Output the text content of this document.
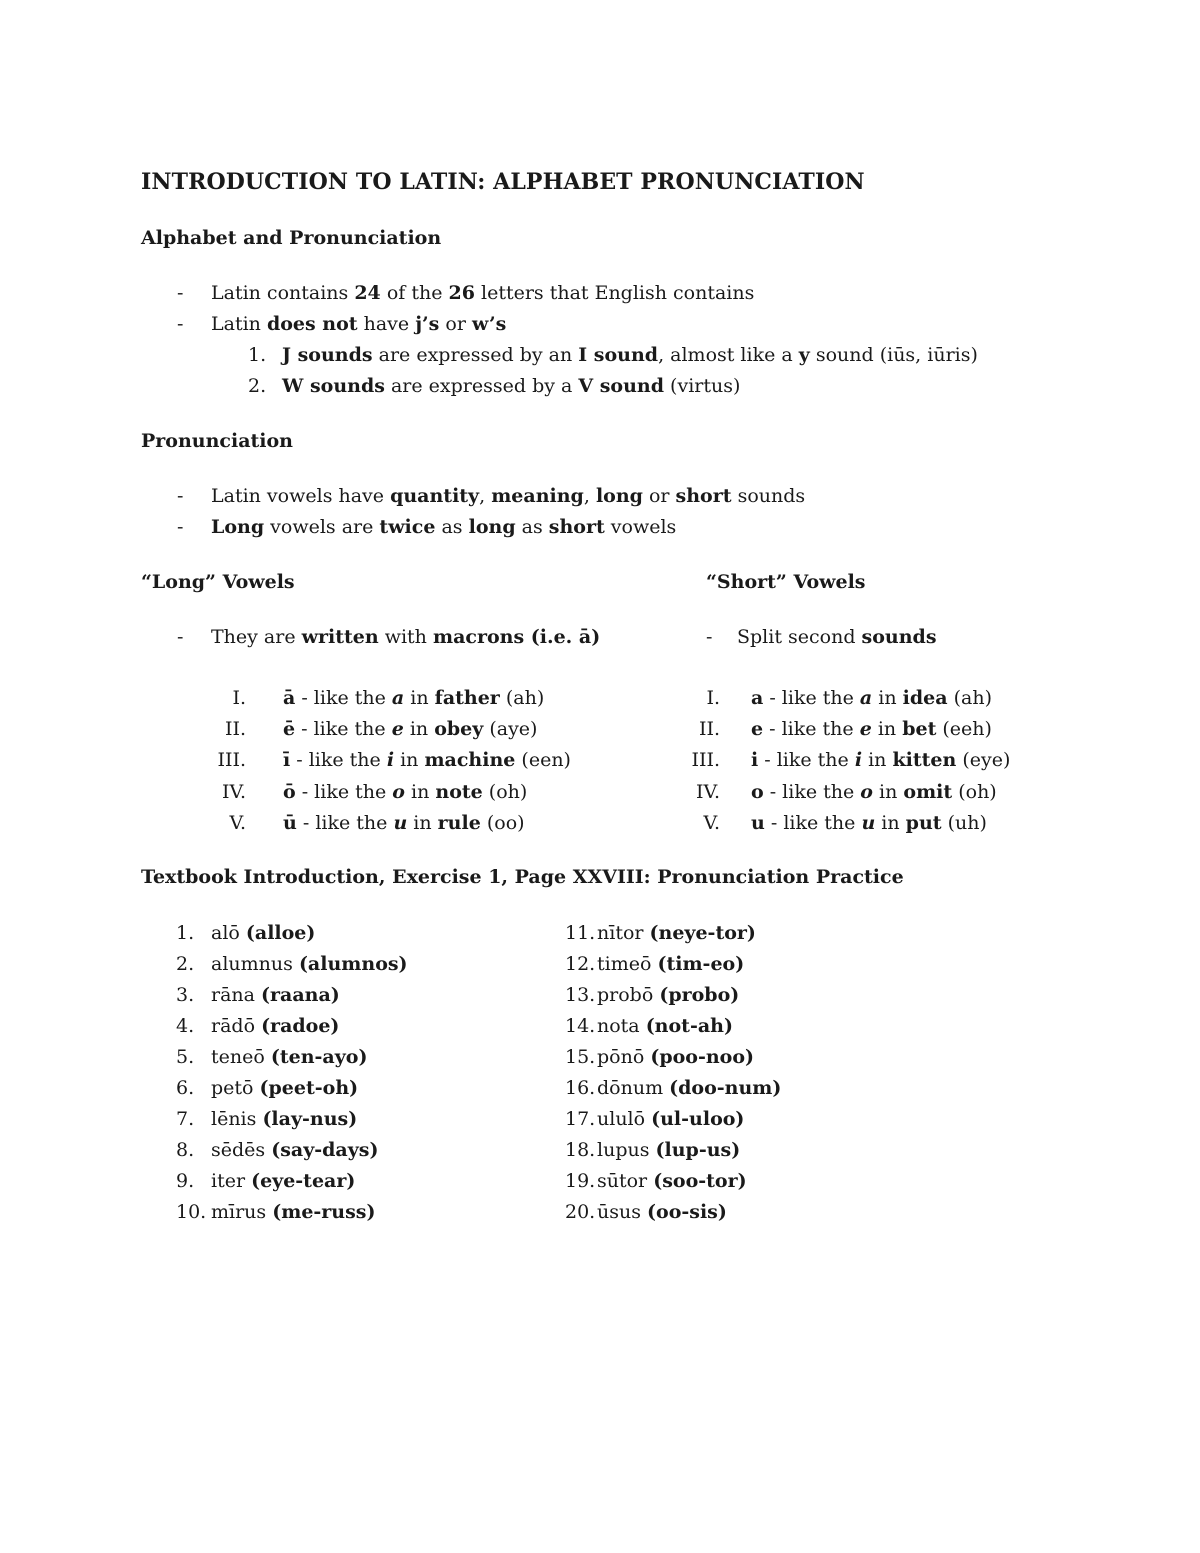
INTRODUCTION TO LATIN: ALPHABET PRONUNCIATION
Alphabet and Pronunciation
- Latin contains 24 of the 26 letters that English contains
- Latin does not have j’s or w’s
1. J sounds are expressed by an I sound, almost like a y sound (iūs, iūris)
2. W sounds are expressed by a V sound (virtus)
Pronunciation
- Latin vowels have quantity, meaning, long or short sounds
- Long vowels are twice as long as short vowels
“Long” Vowels
- They are written with macrons (i.e. ā)
I. ā - like the a in father (ah)
II. ē - like the e in obey (aye)
III. ī - like the i in machine (een)
IV. ō - like the o in note (oh)
V. ū - like the u in rule (oo)
“Short” Vowels
- Split second sounds
I. a - like the a in idea (ah)
II. e - like the e in bet (eeh)
III. i - like the i in kitten (eye)
IV. o - like the o in omit (oh)
V. u - like the u in put (uh)
Textbook Introduction, Exercise 1, Page XXVIII: Pronunciation Practice
1. alō (alloe)
2. alumnus (alumnos)
3. rāna (raana)
4. rādō (radoe)
5. teneō (ten-ayo)
6. petō (peet-oh)
7. lēnis (lay-nus)
8. sēdēs (say-days)
9. iter (eye-tear)
10. mīrus (me-russ)
11.nītor (neye-tor)
12.timeō (tim-eo)
13.probō (probo)
14.nota (not-ah)
15.pōnō (poo-noo)
16.dōnum (doo-num)
17.ululō (ul-uloo)
18.lupus (lup-us)
19.sūtor (soo-tor)
20.ūsus (oo-sis)
